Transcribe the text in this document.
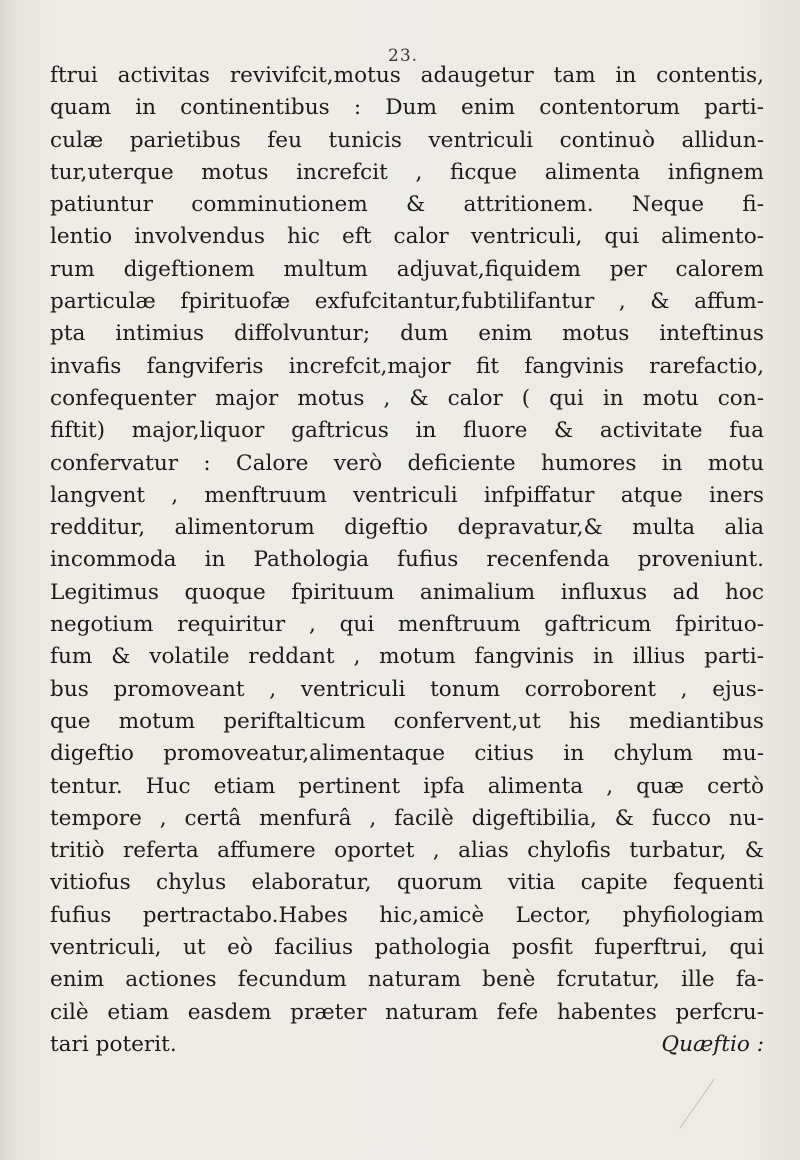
23.
ftrui activitas revivifcit,motus adaugetur tam in contentis,
quam in continentibus : Dum enim contentorum parti-
culæ parietibus feu tunicis ventriculi continuò allidun-
tur,uterque motus increfcit , ficque alimenta infignem
patiuntur comminutionem & attritionem. Neque fi-
lentio involvendus hic eft calor ventriculi, qui alimento-
rum digeftionem multum adjuvat,fiquidem per calorem
particulæ fpirituofæ exfufcitantur,fubtilifantur , & affum-
pta intimius diffolvuntur; dum enim motus inteftinus
invafis fangviferis increfcit,major fit fangvinis rarefactio,
confequenter major motus , & calor ( qui in motu con-
fiftit) major,liquor gaftricus in fluore & activitate fua
confervatur : Calore verò deficiente humores in motu
langvent , menftruum ventriculi infpiffatur atque iners
redditur, alimentorum digeftio depravatur,& multa alia
incommoda in Pathologia fufius recenfenda proveniunt.
Legitimus quoque fpirituum animalium influxus ad hoc
negotium requiritur , qui menftruum gaftricum fpirituo-
fum & volatile reddant , motum fangvinis in illius parti-
bus promoveant , ventriculi tonum corroborent , ejus-
que motum periftalticum confervent,ut his mediantibus
digeftio promoveatur,alimentaque citius in chylum mu-
tentur. Huc etiam pertinent ipfa alimenta , quæ certò
tempore , certâ menfurâ , facilè digeftibilia, & fucco nu-
tritiò referta affumere oportet , alias chylofis turbatur, &
vitiofus chylus elaboratur, quorum vitia capite fequenti
fufius pertractabo.Habes hic,amicè Lector, phyfiologiam
ventriculi, ut eò facilius pathologia posfit fuperftrui, qui
enim actiones fecundum naturam benè fcrutatur, ille fa-
cilè etiam easdem præter naturam fefe habentes perfcru-
tari poterit.	Quæftio :
